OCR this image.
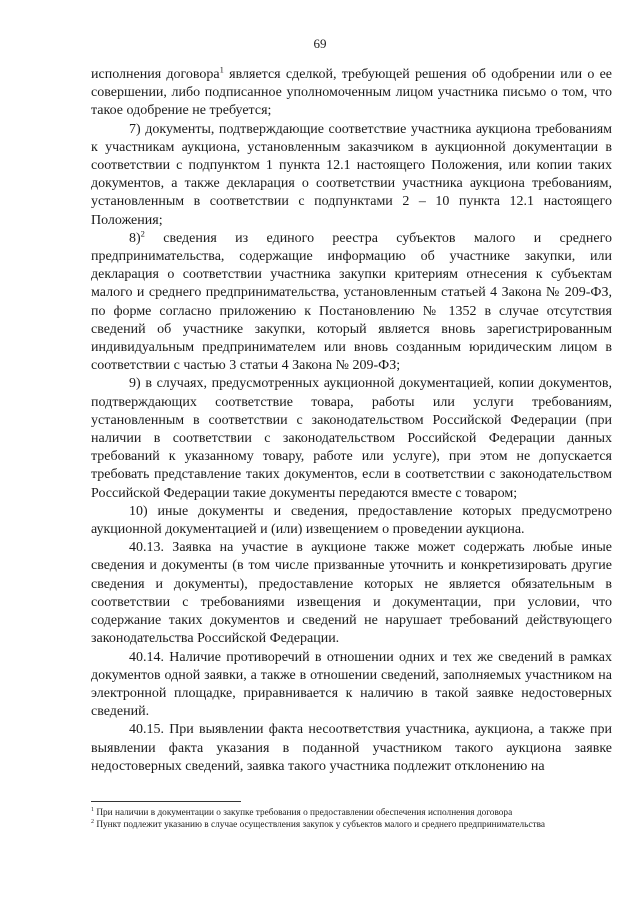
69

исполнения договора$^1$ является сделкой, требующей решения об одобрении или о ее совершении, либо подписанное уполномоченным лицом участника письмо о том, что такое одобрение не требуется;

7) документы, подтверждающие соответствие участника аукциона требованиям к участникам аукциона, установленным заказчиком в аукционной документации в соответствии с подпунктом 1 пункта 12.1 настоящего Положения, или копии таких документов, а также декларация о соответствии участника аукциона требованиям, установленным в соответствии с подпунктами 2 – 10 пункта 12.1 настоящего Положения;

8)$^2$ сведения из единого реестра субъектов малого и среднего предпринимательства, содержащие информацию об участнике закупки, или декларация о соответствии участника закупки критериям отнесения к субъектам малого и среднего предпринимательства, установленным статьей 4 Закона № 209-ФЗ, по форме согласно приложению к Постановлению № 1352 в случае отсутствия сведений об участнике закупки, который является вновь зарегистрированным индивидуальным предпринимателем или вновь созданным юридическим лицом в соответствии с частью 3 статьи 4 Закона № 209-ФЗ;

9) в случаях, предусмотренных аукционной документацией, копии документов, подтверждающих соответствие товара, работы или услуги требованиям, установленным в соответствии с законодательством Российской Федерации (при наличии в соответствии с законодательством Российской Федерации данных требований к указанному товару, работе или услуге), при этом не допускается требовать представление таких документов, если в соответствии с законодательством Российской Федерации такие документы передаются вместе с товаром;

10) иные документы и сведения, предоставление которых предусмотрено аукционной документацией и (или) извещением о проведении аукциона.

40.13. Заявка на участие в аукционе также может содержать любые иные сведения и документы (в том числе призванные уточнить и конкретизировать другие сведения и документы), предоставление которых не является обязательным в соответствии с требованиями извещения и документации, при условии, что содержание таких документов и сведений не нарушает требований действующего законодательства Российской Федерации.

40.14. Наличие противоречий в отношении одних и тех же сведений в рамках документов одной заявки, а также в отношении сведений, заполняемых участником на электронной площадке, приравнивается к наличию в такой заявке недостоверных сведений.

40.15. При выявлении факта несоответствия участника, аукциона, а также при выявлении факта указания в поданной участником такого аукциона заявке недостоверных сведений, заявка такого участника подлежит отклонению на

$^1$ При наличии в документации о закупке требования о предоставлении обеспечения исполнения договора

$^2$ Пункт подлежит указанию в случае осуществления закупок у субъектов малого и среднего предпринимательства
